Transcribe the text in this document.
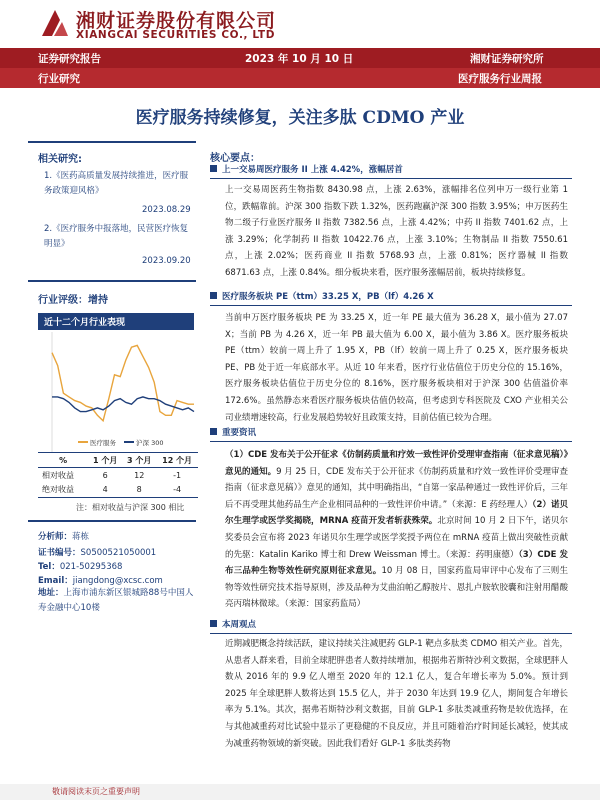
湘财证券股份有限公司
XIANGCAI SECURITIES CO., LTD
证券研究报告	2023 年 10 月 10 日	湘财证券研究所
行业研究	医疗服务行业周报
医疗服务持续修复，关注多肽 CDMO 产业
相关研究:
1.《医药高质量发展持续推进，医疗服务政策迎风格》
2023.08.29
2.《医疗服务中报落地，民营医疗恢复明显》
2023.09.20
行业评级：增持
近十二个月行业表现
医疗服务	沪深 300
%	1 个月	3 个月	12 个月
相对收益	6	12	-1
绝对收益	4	8	-4
注：相对收益与沪深 300 相比
分析师：蒋栋
证书编号：S0500521050001
Tel：021-50295368
Email：jiangdong@xcsc.com
地址：上海市浦东新区银城路88号中国人寿金融中心10楼
核心要点：
上一交易周医疗服务 II 上涨 4.42%，涨幅居首
上一交易周医药生物指数 8430.98 点，上涨 2.63%，涨幅排名位列申万一级行业第 1 位，跌幅靠前。沪深 300 指数下跌 1.32%，医药跑赢沪深 300 指数 3.95%；申万医药生物二级子行业医疗服务 II 指数 7382.56 点，上涨 4.42%；中药 II 指数 7401.62 点，上涨 3.29%；化学制药 II 指数 10422.76 点，上涨 3.10%；生物制品 II 指数 7550.61 点，上涨 2.02%；医药商业 II 指数 5768.93 点，上涨 0.81%；医疗器械 II 指数 6871.63 点，上涨 0.84%。细分板块来看，医疗服务涨幅居前，板块持续修复。
医疗服务板块 PE（ttm）33.25 X，PB（lf）4.26 X
当前申万医疗服务板块 PE 为 33.25 X，近一年 PE 最大值为 36.28 X，最小值为 27.07 X；当前 PB 为 4.26 X，近一年 PB 最大值为 6.00 X，最小值为 3.86 X。医疗服务板块 PE（ttm）较前一周上升了 1.95 X，PB（lf）较前一周上升了 0.25 X，医疗服务板块 PE、PB 处于近一年底部水平。从近 10 年来看，医疗行业估值位于历史分位的 15.16%，医疗服务板块估值位于历史分位的 8.16%，医疗服务板块相对于沪深 300 估值溢价率 172.6%。虽然静态来看医疗服务板块估值仍较高，但考虑到专科医院及 CXO 产业相关公司业绩增速较高，行业发展趋势较好且政策支持，目前估值已较为合理。
重要资讯
（1）CDE 发布关于公开征求《仿制药质量和疗效一致性评价受理审查指南（征求意见稿）》意见的通知。9 月 25 日，CDE 发布关于公开征求《仿制药质量和疗效一致性评价受理审查指南（征求意见稿）》意见的通知，其中明确指出，“自第一家品种通过一致性评价后，三年后不再受理其他药品生产企业相同品种的一致性评价申请。”（来源：E 药经理人）（2）诺贝尔生理学或医学奖揭晓，MRNA 疫苗开发者斩获殊荣。北京时间 10 月 2 日下午，诺贝尔奖委员会宣布将 2023 年诺贝尔生理学或医学奖授予两位在 mRNA 疫苗上做出突破性贡献的先驱：Katalin Kariko 博士和 Drew Weissman 博士。（来源：药明康德）（3）CDE 发布三品种生物等效性研究原则征求意见。10 月 08 日，国家药监局审评中心发布了三则生物等效性研究技术指导原则，涉及品种为艾曲泊帕乙醇胺片、恩扎卢胺软胶囊和注射用醋酸亮丙瑞林微球。（来源：国家药监局）
本周观点
近期减肥概念持续活跃，建议持续关注减肥药 GLP-1 靶点多肽类 CDMO 相关产业。首先，从患者人群来看，目前全球肥胖患者人数持续增加，根据弗若斯特沙利文数据，全球肥胖人数从 2016 年的 9.9 亿人增至 2020 年的 12.1 亿人，复合年增长率为 5.0%。预计到 2025 年全球肥胖人数将达到 15.5 亿人，并于 2030 年达到 19.9 亿人，期间复合年增长率为 5.1%。其次，据弗若斯特沙利文数据，目前 GLP-1 多肽类减重药物是较优选择，在与其他减重药对比试验中显示了更稳健的不良反应，并且可随着治疗时间延长减轻，使其成为减重药物领域的新突破。因此我们看好 GLP-1 多肽类药物
敬请阅读末页之重要声明
